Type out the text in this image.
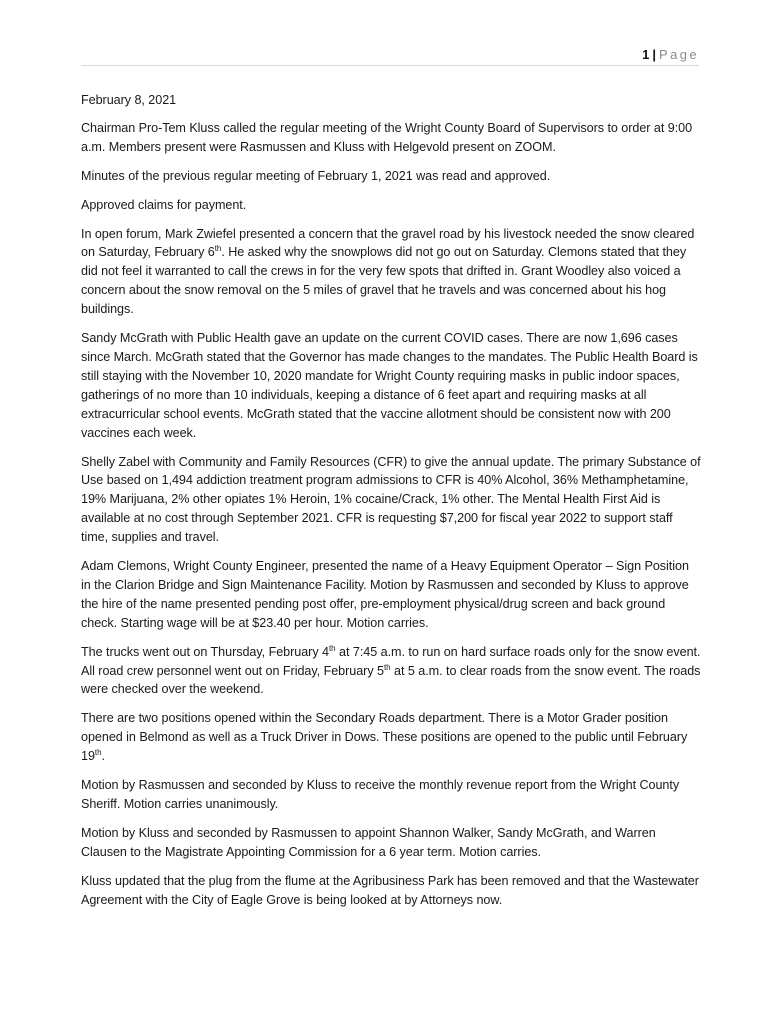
1 | Page

February 8, 2021

Chairman Pro-Tem Kluss called the regular meeting of the Wright County Board of Supervisors to order at 9:00 a.m. Members present were Rasmussen and Kluss with Helgevold present on ZOOM.

Minutes of the previous regular meeting of February 1, 2021 was read and approved.

Approved claims for payment.

In open forum, Mark Zwiefel presented a concern that the gravel road by his livestock needed the snow cleared on Saturday, February 6th. He asked why the snowplows did not go out on Saturday. Clemons stated that they did not feel it warranted to call the crews in for the very few spots that drifted in. Grant Woodley also voiced a concern about the snow removal on the 5 miles of gravel that he travels and was concerned about his hog buildings.

Sandy McGrath with Public Health gave an update on the current COVID cases. There are now 1,696 cases since March. McGrath stated that the Governor has made changes to the mandates. The Public Health Board is still staying with the November 10, 2020 mandate for Wright County requiring masks in public indoor spaces, gatherings of no more than 10 individuals, keeping a distance of 6 feet apart and requiring masks at all extracurricular school events. McGrath stated that the vaccine allotment should be consistent now with 200 vaccines each week.

Shelly Zabel with Community and Family Resources (CFR) to give the annual update. The primary Substance of Use based on 1,494 addiction treatment program admissions to CFR is 40% Alcohol, 36% Methamphetamine, 19% Marijuana, 2% other opiates 1% Heroin, 1% cocaine/Crack, 1% other. The Mental Health First Aid is available at no cost through September 2021. CFR is requesting $7,200 for fiscal year 2022 to support staff time, supplies and travel.

Adam Clemons, Wright County Engineer, presented the name of a Heavy Equipment Operator – Sign Position in the Clarion Bridge and Sign Maintenance Facility. Motion by Rasmussen and seconded by Kluss to approve the hire of the name presented pending post offer, pre-employment physical/drug screen and back ground check. Starting wage will be at $23.40 per hour. Motion carries.

The trucks went out on Thursday, February 4th at 7:45 a.m. to run on hard surface roads only for the snow event. All road crew personnel went out on Friday, February 5th at 5 a.m. to clear roads from the snow event. The roads were checked over the weekend.

There are two positions opened within the Secondary Roads department. There is a Motor Grader position opened in Belmond as well as a Truck Driver in Dows. These positions are opened to the public until February 19th.

Motion by Rasmussen and seconded by Kluss to receive the monthly revenue report from the Wright County Sheriff. Motion carries unanimously.

Motion by Kluss and seconded by Rasmussen to appoint Shannon Walker, Sandy McGrath, and Warren Clausen to the Magistrate Appointing Commission for a 6 year term. Motion carries.

Kluss updated that the plug from the flume at the Agribusiness Park has been removed and that the Wastewater Agreement with the City of Eagle Grove is being looked at by Attorneys now.
